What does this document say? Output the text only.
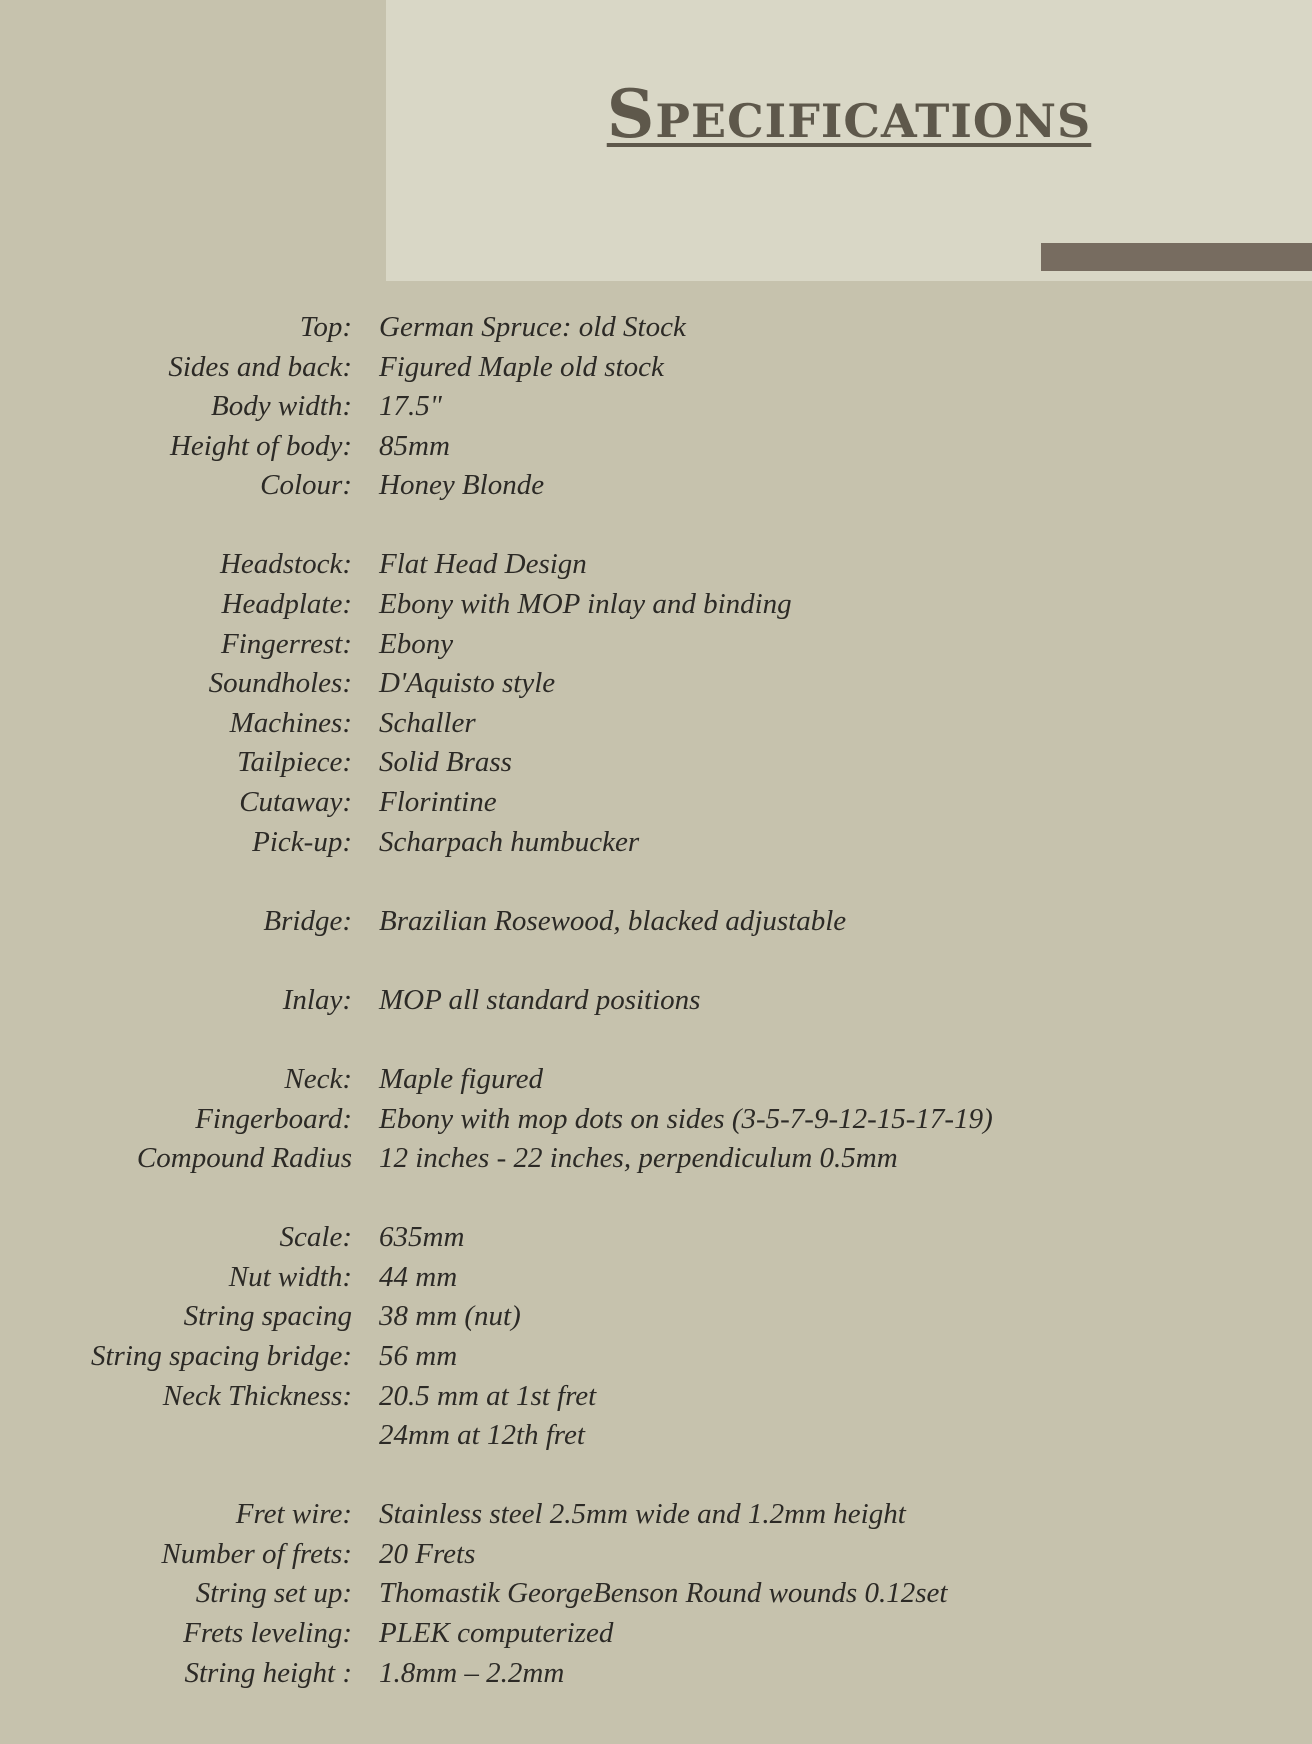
Specifications
Top: German Spruce: old Stock
Sides and back: Figured Maple old stock
Body width: 17.5"
Height of body: 85mm
Colour: Honey Blonde
Headstock: Flat Head Design
Headplate: Ebony with MOP inlay and binding
Fingerrest: Ebony
Soundholes: D'Aquisto style
Machines: Schaller
Tailpiece: Solid Brass
Cutaway: Florintine
Pick-up: Scharpach humbucker
Bridge: Brazilian Rosewood, blacked adjustable
Inlay: MOP all standard positions
Neck: Maple figured
Fingerboard: Ebony with mop dots on sides (3-5-7-9-12-15-17-19)
Compound Radius 12 inches - 22 inches, perpendiculum 0.5mm
Scale: 635mm
Nut width: 44 mm
String spacing 38 mm (nut)
String spacing bridge: 56 mm
Neck Thickness: 20.5 mm at 1st fret
24mm at 12th fret
Fret wire: Stainless steel 2.5mm wide and 1.2mm height
Number of frets: 20 Frets
String set up: Thomastik GeorgeBenson Round wounds 0.12set
Frets leveling: PLEK computerized
String height : 1.8mm – 2.2mm
